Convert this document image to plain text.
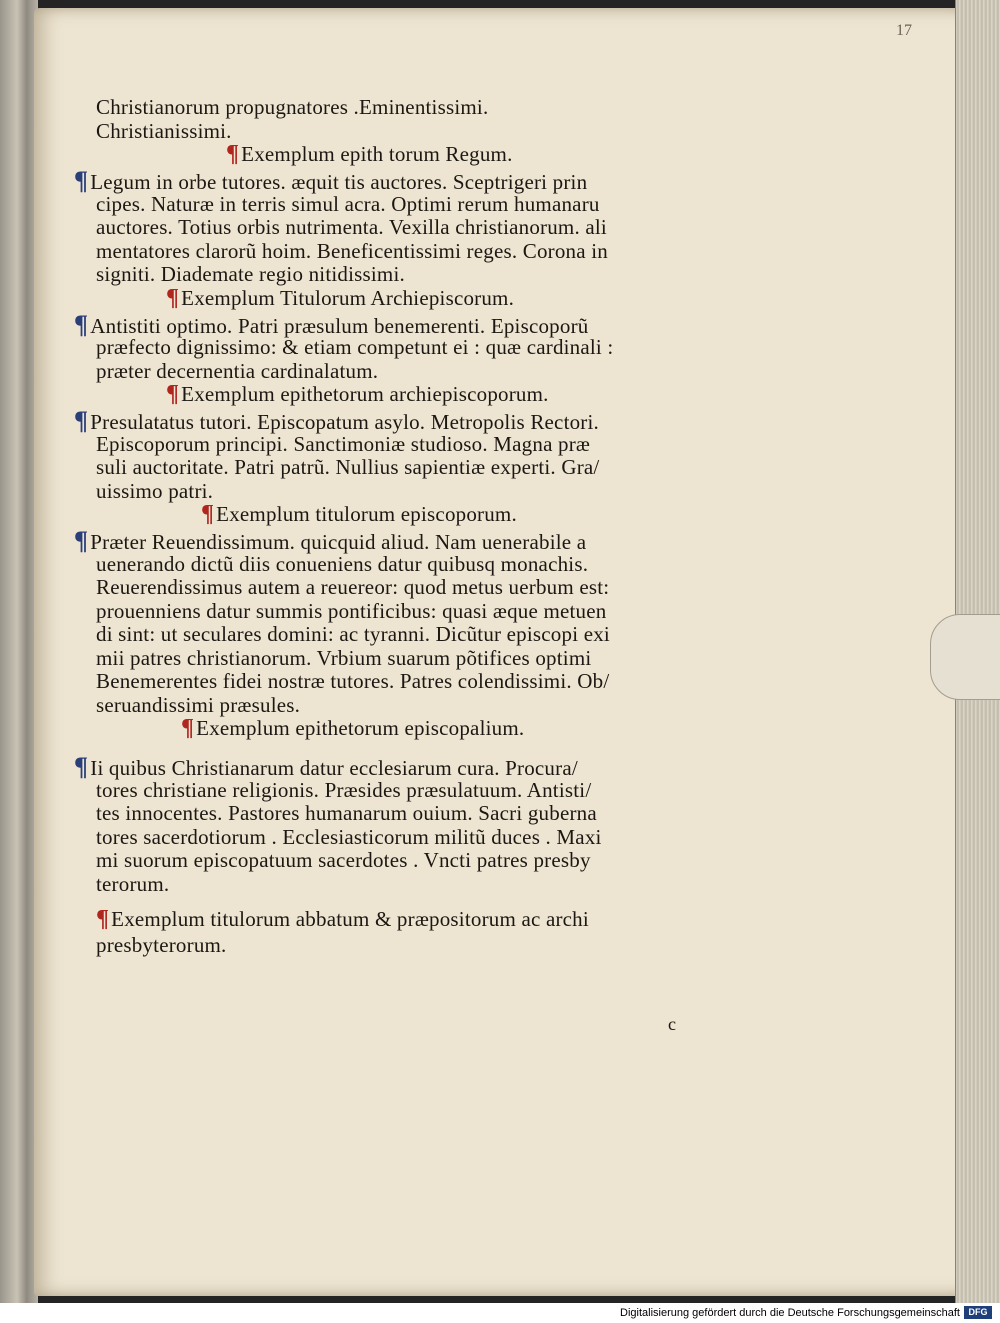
17
Christianorum propugnatores .Eminentissimi.
Christianissimi.
¶Exemplum epith torum Regum.
¶Legum in orbe tutores. æquit tis auctores. Sceptrigeri prin
cipes. Naturæ in terris simul acra. Optimi rerum humanaru
auctores. Totius orbis nutrimenta. Vexilla christianorum. ali
mentatores clarorũ hoim. Beneficentissimi reges. Corona in
signiti. Diademate regio nitidissimi.
¶Exemplum Titulorum Archiepiscorum.
¶Antistiti optimo. Patri præsulum benemerenti. Episcoporũ
præfecto dignissimo: & etiam competunt ei : quæ cardinali :
præter decernentia cardinalatum.
¶Exemplum epithetorum archiepiscoporum.
¶Presulatatus tutori. Episcopatum asylo. Metropolis Rectori.
Episcoporum principi. Sanctimoniæ studioso. Magna præ
suli auctoritate. Patri patrũ. Nullius sapientiæ experti. Gra/
uissimo patri.
¶Exemplum titulorum episcoporum.
¶Præter Reuendissimum. quicquid aliud. Nam uenerabile a
uenerando dictũ diis conueniens datur quibusq monachis.
Reuerendissimus autem a reuereor: quod metus uerbum est:
prouenniens datur summis pontificibus: quasi æque metuen
di sint: ut seculares domini: ac tyranni. Dicũtur episcopi exi
mii patres christianorum. Vrbium suarum põtifices optimi
Benemerentes fidei nostræ tutores. Patres colendissimi. Ob/
seruandissimi præsules.
¶Exemplum epithetorum episcopalium.
¶Ii quibus Christianarum datur ecclesiarum cura. Procura/
tores christiane religionis. Præsides præsulatuum. Antisti/
tes innocentes. Pastores humanarum ouium. Sacri guberna
tores sacerdotiorum . Ecclesiasticorum militũ duces . Maxi
mi suorum episcopatuum sacerdotes . Vncti patres presby
terorum.
¶Exemplum titulorum abbatum & præpositorum ac archi
presbyterorum.
c
Digitalisierung gefördert durch die Deutsche Forschungsgemeinschaft DFG
